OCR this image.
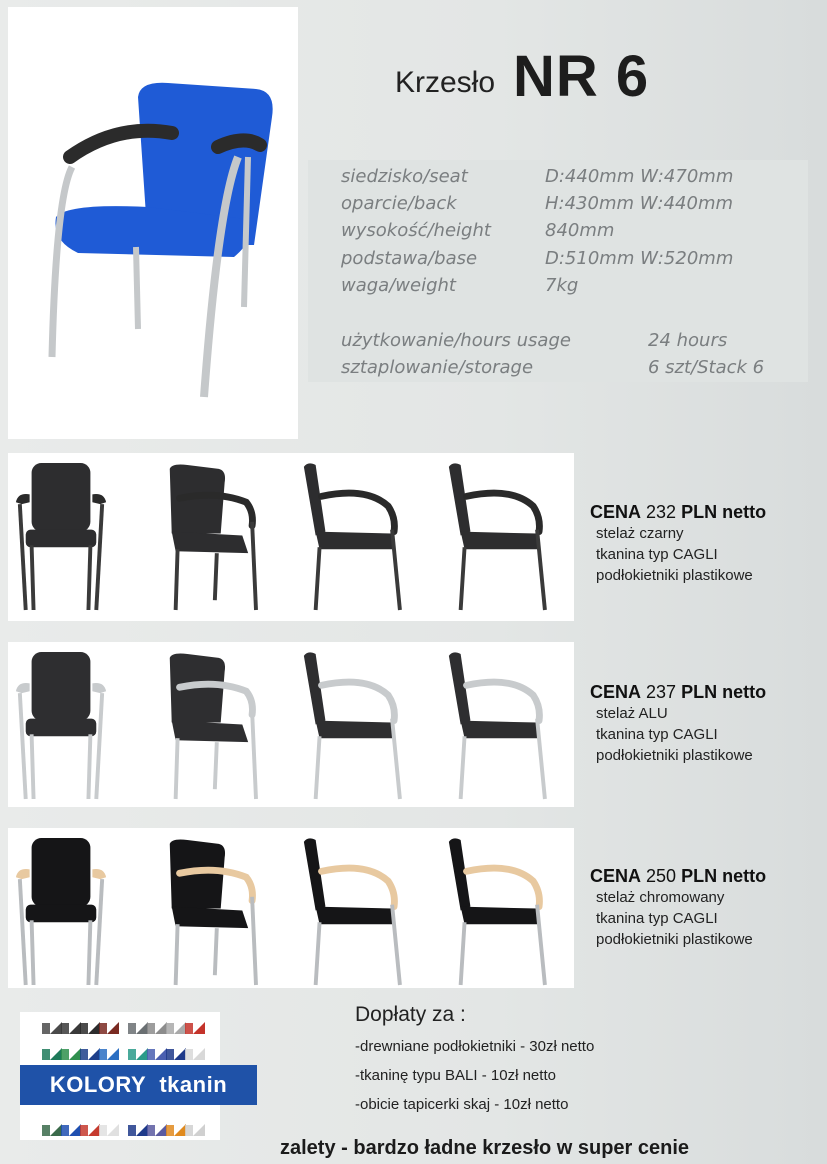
Krzesło NR 6
siedzisko/seat	D:440mm W:470mm
oparcie/back	H:430mm W:440mm
wysokość/height	840mm
podstawa/base	D:510mm W:520mm
waga/weight	7kg
użytkowanie/hours usage	24 hours
sztaplowanie/storage	6 szt/Stack 6
CENA 232 PLN netto
stelaż czarny
tkanina typ CAGLI
podłokietniki plastikowe
CENA 237 PLN netto
stelaż ALU
tkanina typ CAGLI
podłokietniki plastikowe
CENA 250 PLN netto
stelaż chromowany
tkanina typ CAGLI
podłokietniki plastikowe
KOLORY tkanin
Dopłaty za :
-drewniane podłokietniki - 30zł netto
-tkaninę typu BALI - 10zł netto
-obicie tapicerki skaj - 10zł netto
zalety - bardzo ładne krzesło w super cenie
